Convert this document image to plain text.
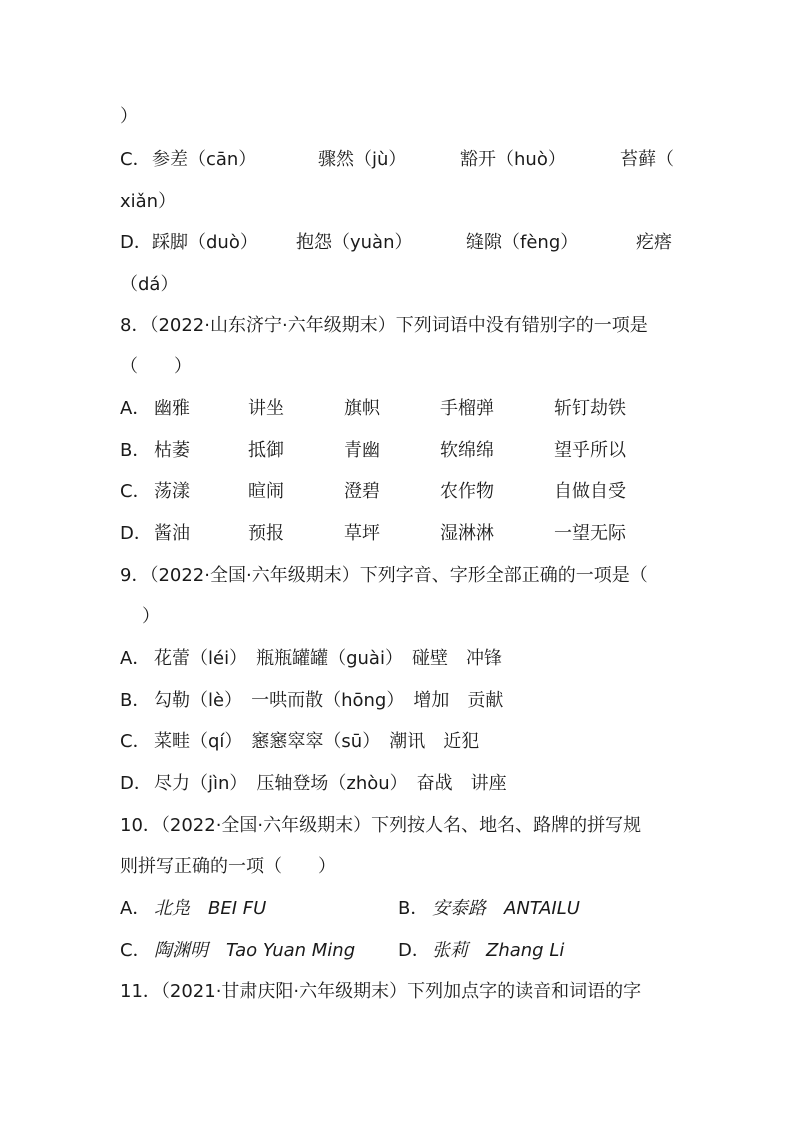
）
C． 参差（cān）	骤然（jù）	豁开（huò）	苔藓（
xiǎn）
D． 踩脚（duò） 抱怨（yuàn）	缝隙（fèng）	疙瘩
（dá）
8．（2022·山东济宁·六年级期末）下列词语中没有错别字的一项是
（　　）
A． 幽雅	讲坐	旗帜	手榴弹	斩钉劫铁
B． 枯萎	抵御	青幽	软绵绵	望乎所以
C． 荡漾	暄闹	澄碧	农作物	自做自受
D． 酱油	预报	草坪	湿淋淋	一望无际
9．（2022·全国·六年级期末）下列字音、字形全部正确的一项是（
）
A． 花蕾（léi）　瓶瓶罐罐（guài）　碰壁　冲锋
B． 勾勒（lè）　一哄而散（hōng）　增加　贡献
C． 菜畦（qí）　窸窸窣窣（sū）　潮讯　近犯
D． 尽力（jìn）　压轴登场（zhòu）　奋战　讲座
10．（2022·全国·六年级期末）下列按人名、地名、路牌的拼写规
则拼写正确的一项（　　）
A． 北凫　BEI FU	B． 安泰路　ANTAILU
C． 陶渊明　Tao Yuan Ming D． 张莉　Zhang Li
11．（2021·甘肃庆阳·六年级期末）下列加点字的读音和词语的字
